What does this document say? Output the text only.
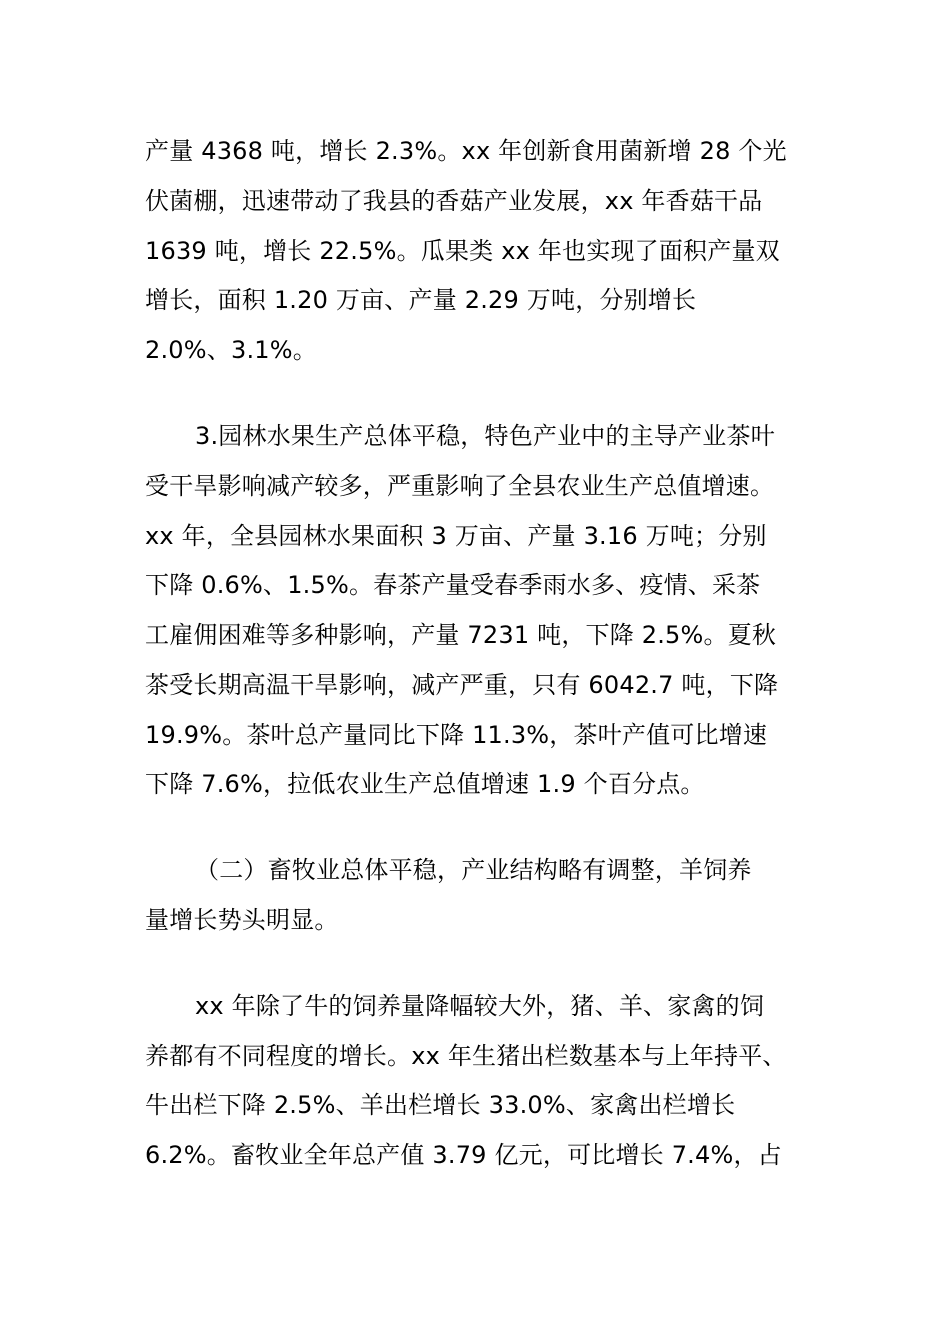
产量 4368 吨，增长 2.3%。xx 年创新食用菌新增 28 个光
伏菌棚，迅速带动了我县的香菇产业发展，xx 年香菇干品
1639 吨，增长 22.5%。瓜果类 xx 年也实现了面积产量双
增长，面积 1.20 万亩、产量 2.29 万吨，分别增长
2.0%、3.1%。
3.园林水果生产总体平稳，特色产业中的主导产业茶叶
受干旱影响减产较多，严重影响了全县农业生产总值增速。
xx 年，全县园林水果面积 3 万亩、产量 3.16 万吨；分别
下降 0.6%、1.5%。春茶产量受春季雨水多、疫情、采茶
工雇佣困难等多种影响，产量 7231 吨，下降 2.5%。夏秋
茶受长期高温干旱影响，减产严重，只有 6042.7 吨，下降
19.9%。茶叶总产量同比下降 11.3%，茶叶产值可比增速
下降 7.6%，拉低农业生产总值增速 1.9 个百分点。
（二）畜牧业总体平稳，产业结构略有调整，羊饲养
量增长势头明显。
xx 年除了牛的饲养量降幅较大外，猪、羊、家禽的饲
养都有不同程度的增长。xx 年生猪出栏数基本与上年持平、
牛出栏下降 2.5%、羊出栏增长 33.0%、家禽出栏增长
6.2%。畜牧业全年总产值 3.79 亿元，可比增长 7.4%，占
